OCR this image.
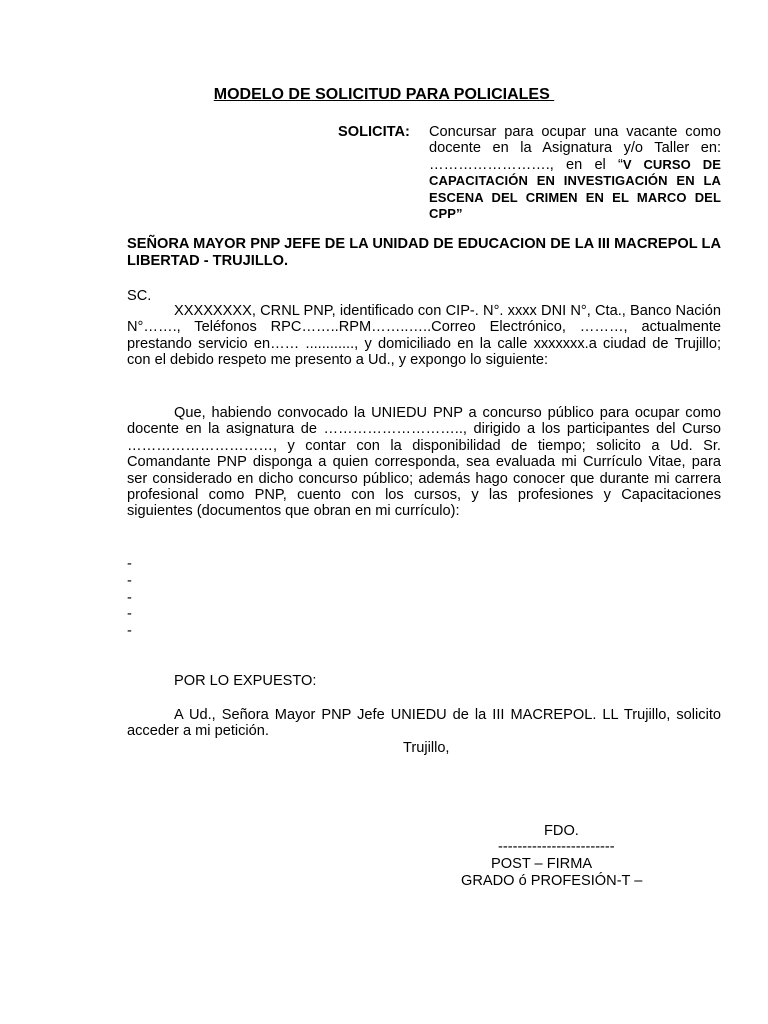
MODELO DE SOLICITUD PARA POLICIALES
SOLICITA: Concursar para ocupar una vacante como docente en la Asignatura y/o Taller en: ……………………., en el “V CURSO DE CAPACITACIÓN EN INVESTIGACIÓN EN LA ESCENA DEL CRIMEN EN EL MARCO DEL CPP”
SEÑORA MAYOR PNP JEFE DE LA UNIDAD DE EDUCACION DE LA III MACREPOL LA LIBERTAD - TRUJILLO.
SC.
XXXXXXXX, CRNL PNP, identificado con CIP-. N°. xxxx DNI N°, Cta., Banco Nación N°……., Teléfonos RPC……..RPM……..…..Correo Electrónico, ………, actualmente prestando servicio en…… ............, y domiciliado en la calle xxxxxxx.a ciudad de Trujillo; con el debido respeto me presento a Ud., y expongo lo siguiente:
Que, habiendo convocado la UNIEDU PNP a concurso público para ocupar como docente en la asignatura de ……………………….., dirigido a los participantes del Curso …………………………, y contar con la disponibilidad de tiempo; solicito a Ud. Sr. Comandante PNP disponga a quien corresponda, sea evaluada mi Currículo Vitae, para ser considerado en dicho concurso público; además hago conocer que durante mi carrera profesional como PNP, cuento con los cursos, y las profesiones y Capacitaciones siguientes (documentos que obran en mi currículo):
-
-
-
-
-
POR LO EXPUESTO:
A Ud., Señora Mayor PNP Jefe UNIEDU de la III MACREPOL. LL Trujillo, solicito acceder a mi petición.
Trujillo,
FDO.
------------------------
POST – FIRMA
GRADO ó PROFESIÓN-T –
